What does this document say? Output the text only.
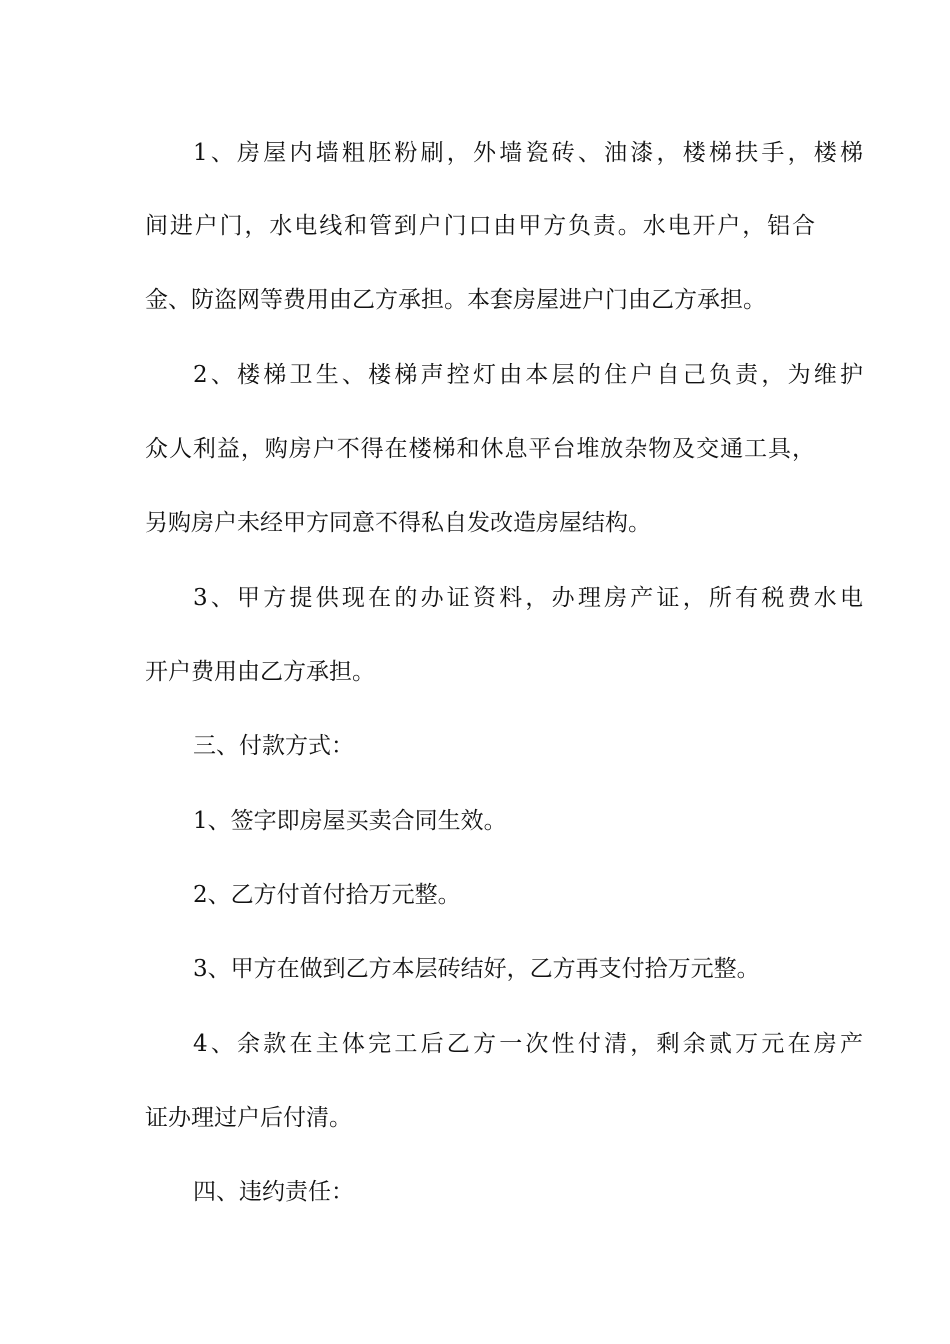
1、房屋内墙粗胚粉刷，外墙瓷砖、油漆，楼梯扶手，楼梯

间进户门，水电线和管到户门口由甲方负责。水电开户，铝合

金、防盗网等费用由乙方承担。本套房屋进户门由乙方承担。

2、楼梯卫生、楼梯声控灯由本层的住户自己负责，为维护

众人利益，购房户不得在楼梯和休息平台堆放杂物及交通工具，

另购房户未经甲方同意不得私自发改造房屋结构。

3、甲方提供现在的办证资料，办理房产证，所有税费水电

开户费用由乙方承担。

三、付款方式：

1、签字即房屋买卖合同生效。

2、乙方付首付拾万元整。

3、甲方在做到乙方本层砖结好，乙方再支付拾万元整。

4、余款在主体完工后乙方一次性付清，剩余贰万元在房产

证办理过户后付清。

四、违约责任：
